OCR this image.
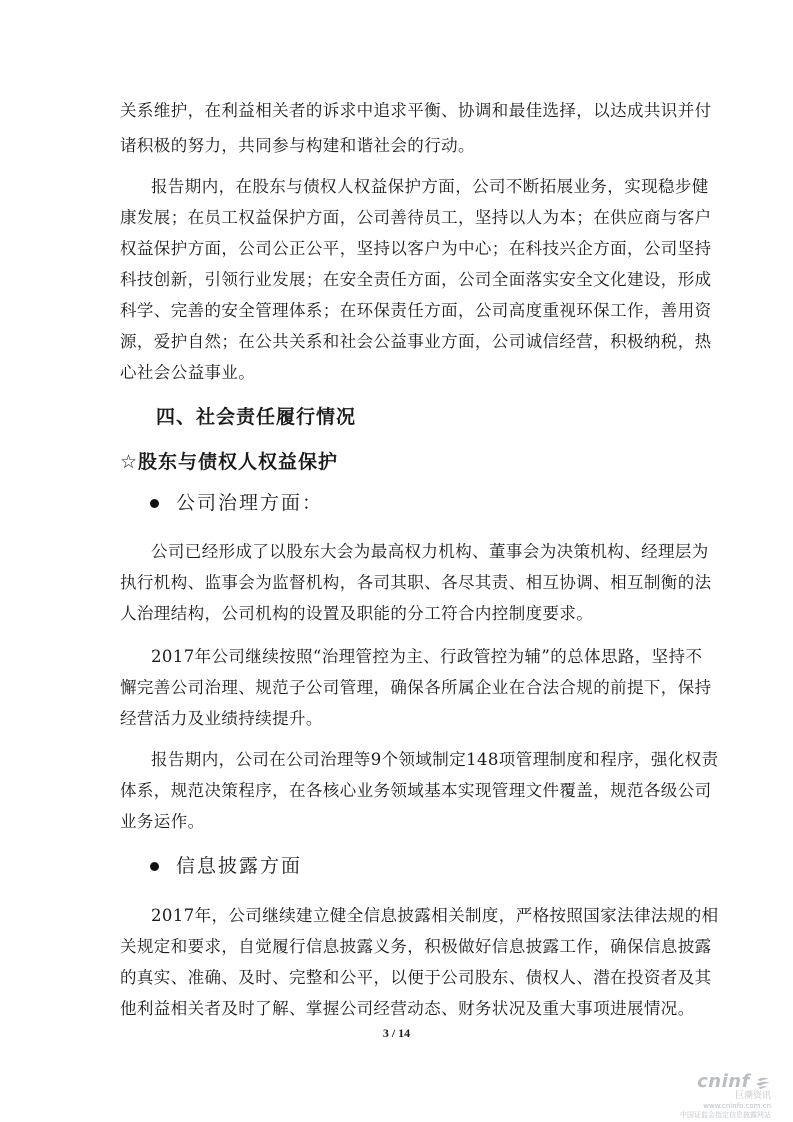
关系维护，在利益相关者的诉求中追求平衡、协调和最佳选择，以达成共识并付

诸积极的努力，共同参与构建和谐社会的行动。

报告期内，在股东与债权人权益保护方面，公司不断拓展业务，实现稳步健

康发展；在员工权益保护方面，公司善待员工，坚持以人为本；在供应商与客户

权益保护方面，公司公正公平，坚持以客户为中心；在科技兴企方面，公司坚持

科技创新，引领行业发展；在安全责任方面，公司全面落实安全文化建设，形成

科学、完善的安全管理体系；在环保责任方面，公司高度重视环保工作，善用资

源，爱护自然；在公共关系和社会公益事业方面，公司诚信经营，积极纳税，热

心社会公益事业。

四、社会责任履行情况
☆股东与债权人权益保护
公司治理方面：

公司已经形成了以股东大会为最高权力机构、董事会为决策机构、经理层为

执行机构、监事会为监督机构，各司其职、各尽其责、相互协调、相互制衡的法

人治理结构，公司机构的设置及职能的分工符合内控制度要求。

2017年公司继续按照“治理管控为主、行政管控为辅”的总体思路，坚持不

懈完善公司治理、规范子公司管理，确保各所属企业在合法合规的前提下，保持

经营活力及业绩持续提升。

报告期内，公司在公司治理等9个领域制定148项管理制度和程序，强化权责

体系，规范决策程序，在各核心业务领域基本实现管理文件覆盖，规范各级公司

业务运作。

信息披露方面

2017年，公司继续建立健全信息披露相关制度，严格按照国家法律法规的相

关规定和要求，自觉履行信息披露义务，积极做好信息披露工作，确保信息披露

的真实、准确、及时、完整和公平，以便于公司股东、债权人、潜在投资者及其

他利益相关者及时了解、掌握公司经营动态、财务状况及重大事项进展情况。

3 / 14
cninf
巨潮资讯
www.cninfo.com.cn
中国证监会指定信息披露网站
